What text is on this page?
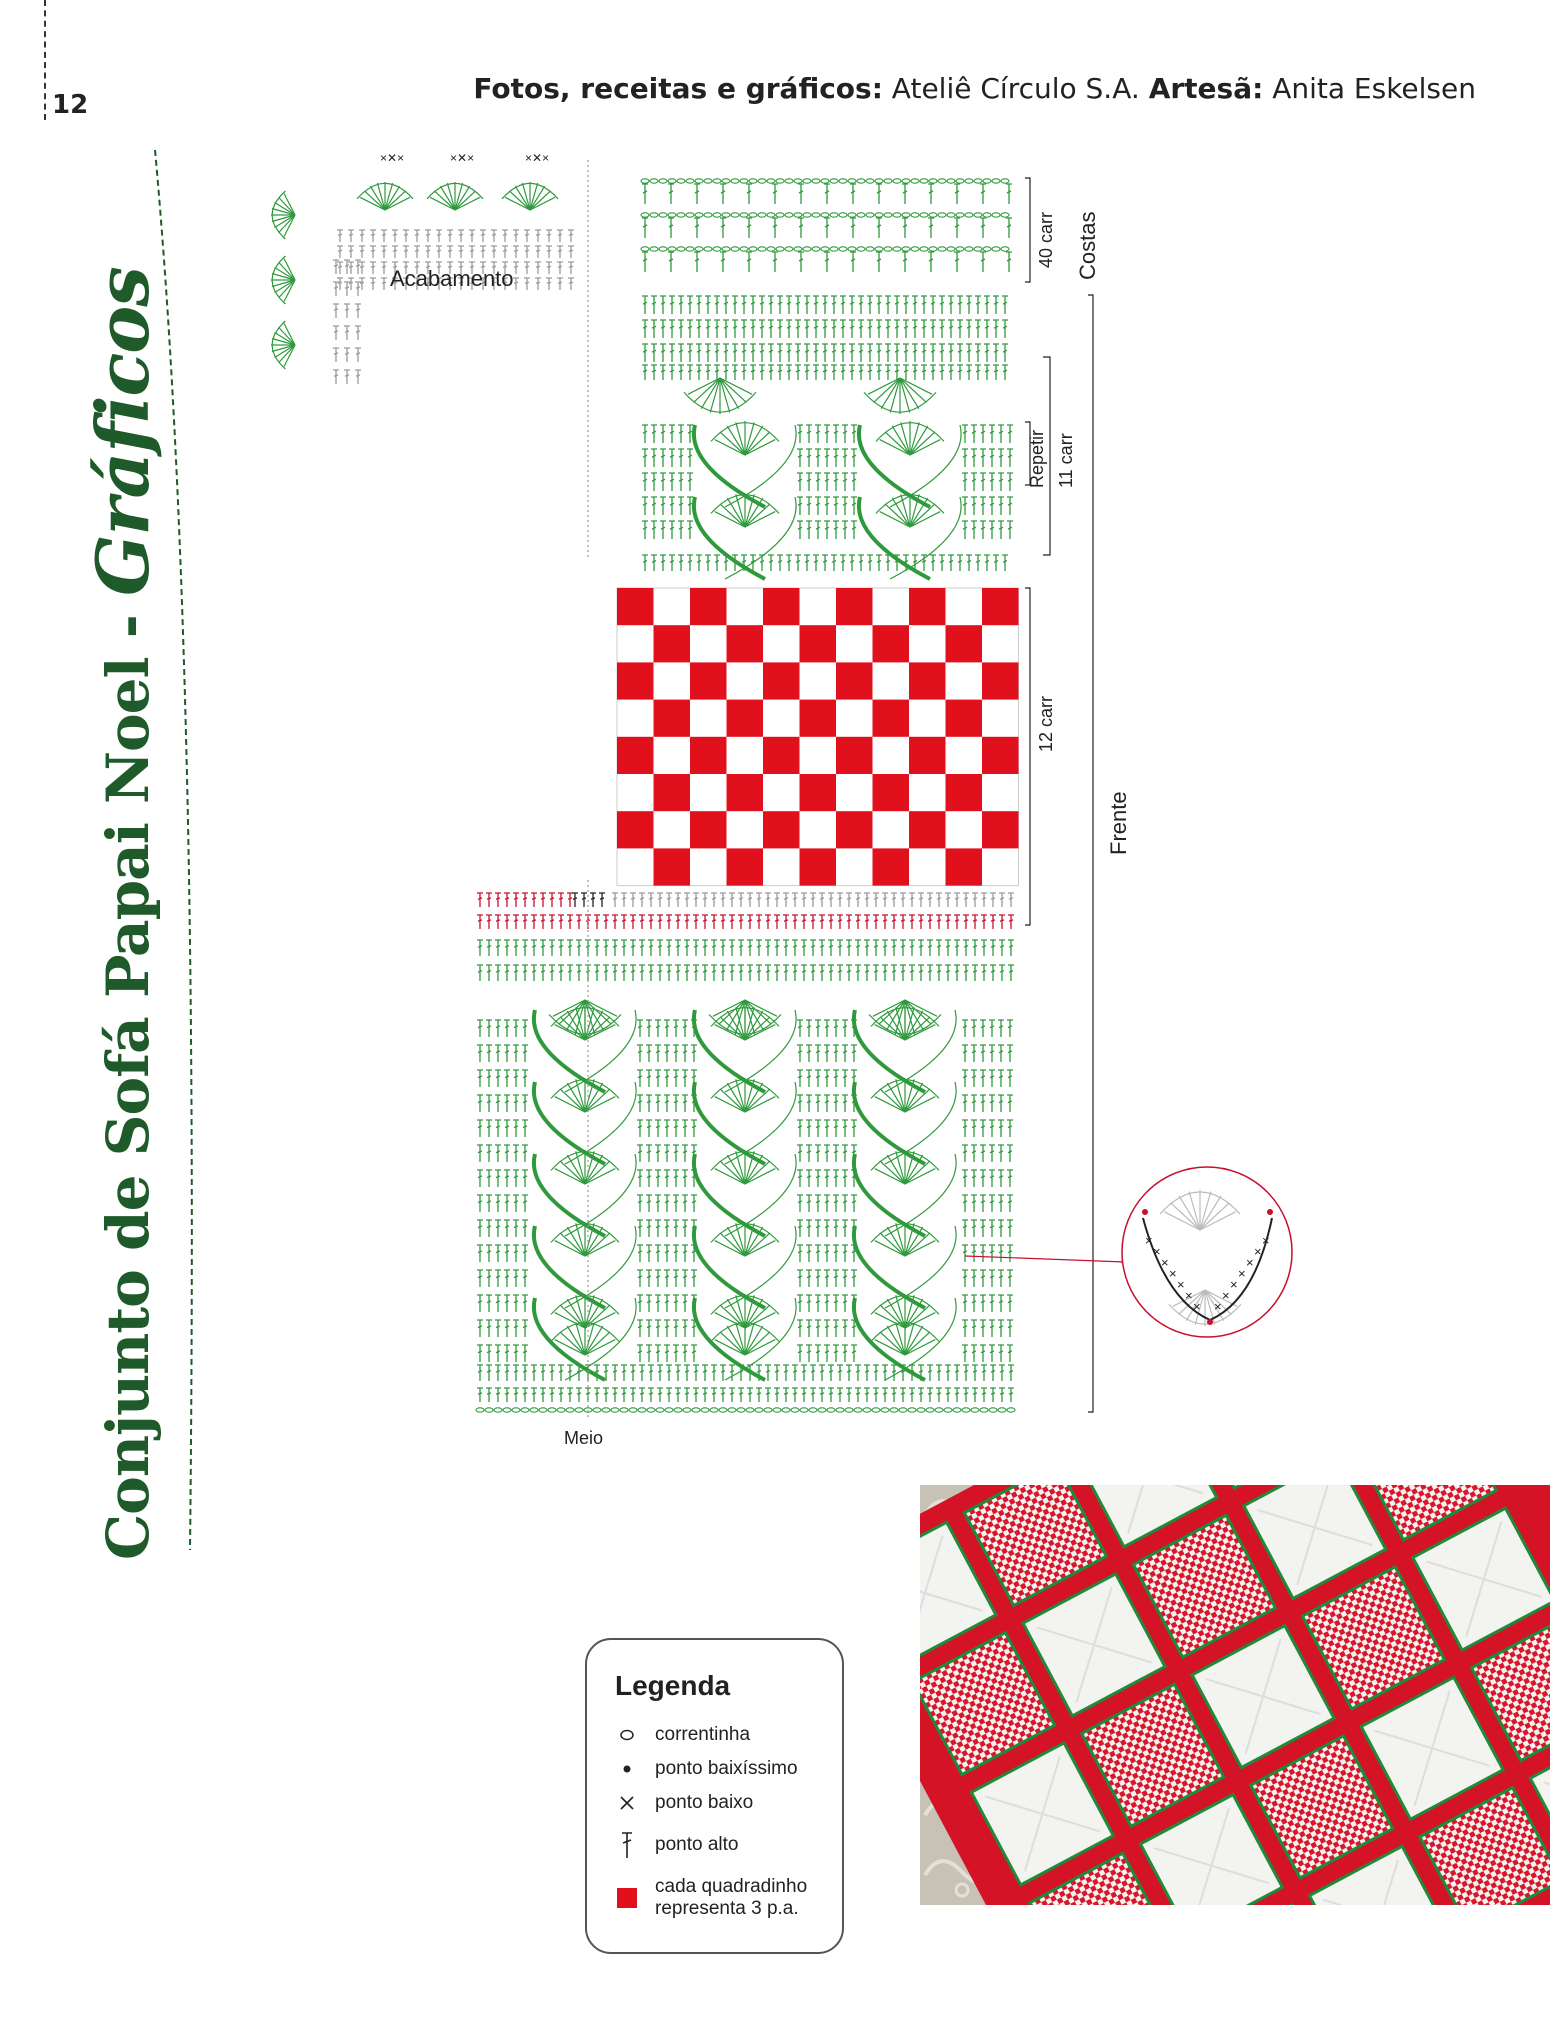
12	Fotos, receitas e gráficos: Ateliê Círculo S.A. Artesã: Anita Eskelsen
Conjunto de Sofá Papai Noel - Gráficos
×✕×	×✕×	×✕×
×	×
×	×
×	×
×	×
×	×
× ×
× ×
Acabamento	Costas
40 carr
Repetir 11 carr
12 carr
Frente
Meio
Legenda
correntinha
ponto baixíssimo
ponto baixo
ponto alto
cada quadradinho representa 3 p.a.
